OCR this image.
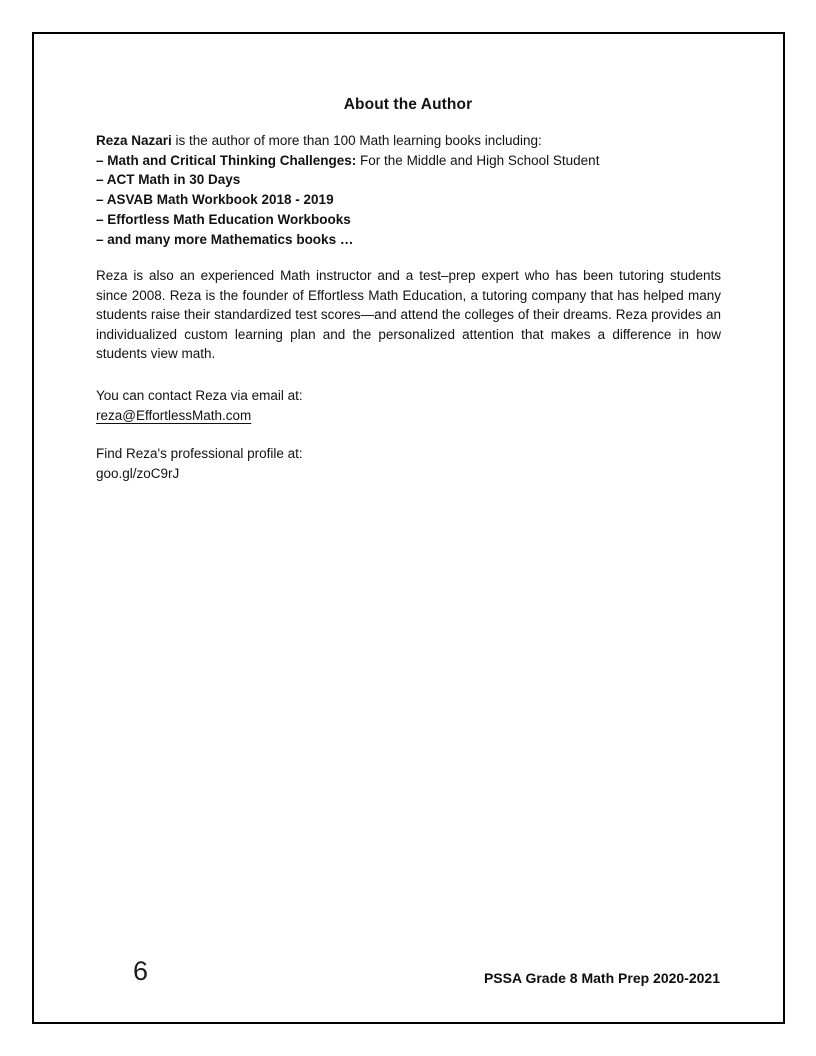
About the Author
Reza Nazari is the author of more than 100 Math learning books including:
– Math and Critical Thinking Challenges: For the Middle and High School Student
– ACT Math in 30 Days
– ASVAB Math Workbook 2018 - 2019
– Effortless Math Education Workbooks
– and many more Mathematics books …
Reza is also an experienced Math instructor and a test–prep expert who has been tutoring students since 2008. Reza is the founder of Effortless Math Education, a tutoring company that has helped many students raise their standardized test scores—and attend the colleges of their dreams. Reza provides an individualized custom learning plan and the personalized attention that makes a difference in how students view math.
You can contact Reza via email at:
reza@EffortlessMath.com
Find Reza's professional profile at:
goo.gl/zoC9rJ
6	PSSA Grade 8 Math Prep 2020-2021
